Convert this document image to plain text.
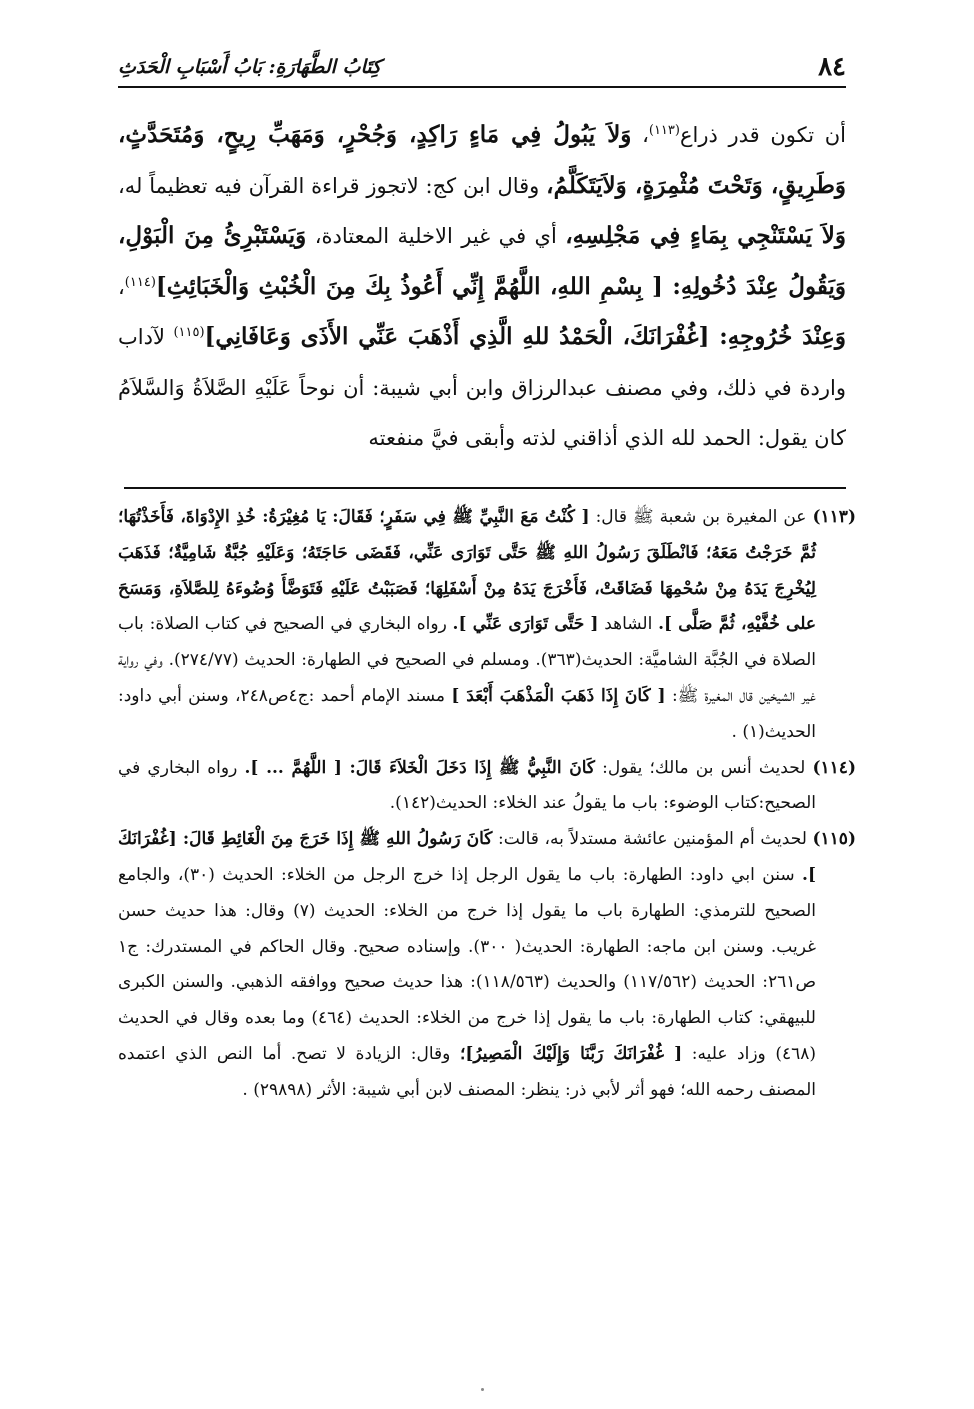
٨٤
كِتَابُ الطَّهَارَةِ: بَابُ أَسْبَابِ الْحَدَثِ

أن تكون قدر ذراع$^{(١١٣)}$، وَلاَ يَبُولُ فِي مَاءٍ رَاكِدٍ، وَجُحْرٍ، وَمَهَبِّ رِيحٍ، وَمُتَحَدَّثٍ، وَطَرِيقٍ، وَتَحْتَ مُثْمِرَةٍ، وَلاَيَتَكَلَّمُ، وقال ابن كج: لاتجوز قراءة القرآن فيه تعظيماً له، وَلاَ يَسْتَنْجِي بِمَاءٍ فِي مَجْلِسِهِ، أي في غير الاخلية المعتادة، وَيَسْتَبْرِئُ مِنَ الْبَوْلِ، وَيَقُولُ عِنْدَ دُخُولِهِ: [ بِسْمِ اللهِ، اللَّهُمَّ إِنِّي أَعُوذُ بِكَ مِنَ الْخُبْثِ وَالْخَبَائِثِ]$^{(١١٤)}$، وَعِنْدَ خُرُوجِهِ: [غُفْرَانَكَ، الْحَمْدُ للهِ الَّذِي أَذْهَبَ عَنِّي الأَذَى وَعَافَانِي]$^{(١١٥)}$ لآداب واردة في ذلك، وفي مصنف عبدالرزاق وابن أبي شيبة: أن نوحاً عَلَيْهِ الصَّلاَةُ وَالسَّلاَمُ كان يقول: الحمد لله الذي أذاقني لذته وأبقى فيَّ منفعته

(١١٣) عن المغيرة بن شعبة ﷺ قال: [ كُنْتُ مَعَ النَّبِيِّ ﷺ فِي سَفَرٍ؛ فَقَالَ: يَا مُغِيْرَةُ: خُذِ الإِدْوَاةَ، فَأَخَذْتُهَا؛ ثُمَّ خَرَجْتُ مَعَهُ؛ فَانْطَلَقَ رَسُولُ اللهِ ﷺ حَتَّى تَوَارَى عَنِّي، فَقَضَى حَاجَتَهُ؛ وَعَلَيْهِ جُبَّةٌ شَامِيَّةٌ؛ فَذَهَبَ لِيُخْرِجَ يَدَهُ مِنْ سُحْمِهَا فَضَاقَتْ، فَأَخْرَجَ يَدَهُ مِنْ أَسْفَلِهَا؛ فَصَبَبْتُ عَلَيْهِ فَتَوَضَّأَ وُضُوءَهُ لِلصَّلاَةِ، وَمَسَحَ على خُفَّيْهِ، ثُمَّ صَلَّى ]. الشاهد [ حَتَّى تَوَارَى عَنِّي ]. رواه البخاري في الصحيح في كتاب الصلاة: باب الصلاة في الجُبَّة الشاميَّة: الحديث(٣٦٣). ومسلم في الصحيح في الطهارة: الحديث (٢٧٤/٧٧). وفي رواية غير الشيخين قال المغيرة ﷺ: [ كَانَ إِذَا ذَهَبَ الْمَذْهَبَ أَبْعَدَ ] مسند الإمام أحمد :ج٤ص٢٤٨، وسنن أبي داود: الحديث(١) .

(١١٤) لحديث أنس بن مالك؛ يقول: كَانَ النَّبِيُّ ﷺ إِذَا دَخَلَ الْخَلاَءَ قَالَ: [ اللَّهُمَّ ... ]. رواه البخاري في الصحيح:كتاب الوضوء: باب ما يقولُ عند الخلاء: الحديث(١٤٢).

(١١٥) لحديث أم المؤمنين عائشة مستدلاً به، قالت: كَانَ رَسُولُ اللهِ ﷺ إِذَا خَرَجَ مِنَ الْغَائِطِ قَالَ: [غُفْرَانَكَ ]. سنن ابي داود: الطهارة: باب ما يقول الرجل إذا خرج الرجل من الخلاء: الحديث (٣٠)، والجامع الصحيح للترمذي: الطهارة باب ما يقول إذا خرج من الخلاء: الحديث (٧) وقال: هذا حديث حسن غريب. وسنن ابن ماجه: الطهارة: الحديث( ٣٠٠). وإسناده صحيح. وقال الحاكم في المستدرك: ج١ ص٢٦١: الحديث (١١٧/٥٦٢) والحديث (١١٨/٥٦٣): هذا حديث صحيح ووافقه الذهبي. والسنن الكبرى للبيهقي: كتاب الطهارة: باب ما يقول إذا خرج من الخلاء: الحديث (٤٦٤) وما بعده وقال في الحديث (٤٦٨) وزاد عليه: [ غُفْرَانَكَ رَبَّنَا وَإِلَيْكَ الْمَصِيرُ]؛ وقال: الزيادة لا تصح. أما النص الذي اعتمده المصنف رحمه الله؛ فهو أثر لأبي ذر: ينظر: المصنف لابن أبي شيبة: الأثر (٢٩٨٩٨) .
